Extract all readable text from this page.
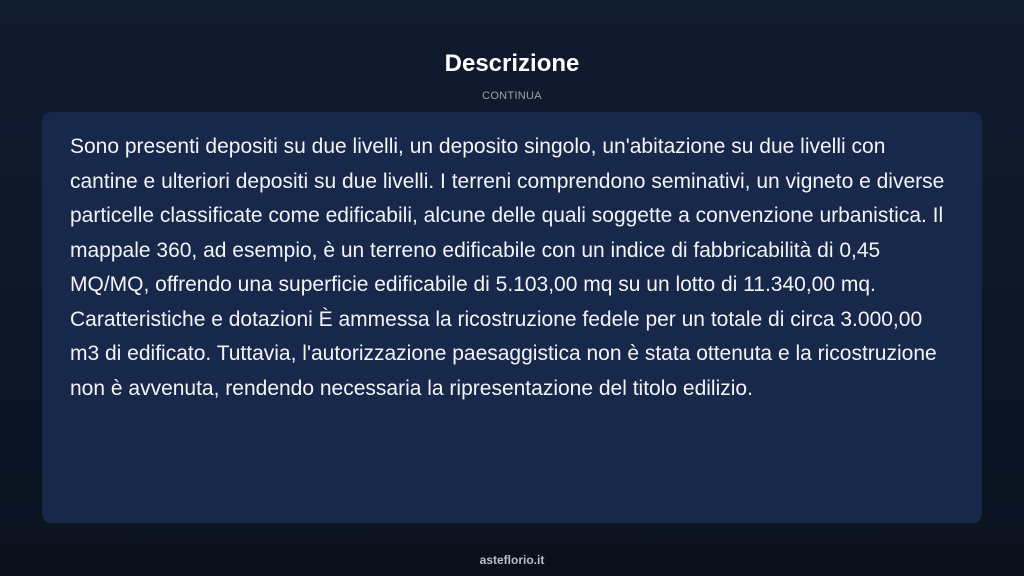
Descrizione
CONTINUA

Sono presenti depositi su due livelli, un deposito singolo, un'abitazione su due livelli con cantine e ulteriori depositi su due livelli. I terreni comprendono seminativi, un vigneto e diverse particelle classificate come edificabili, alcune delle quali soggette a convenzione urbanistica. Il mappale 360, ad esempio, è un terreno edificabile con un indice di fabbricabilità di 0,45 MQ/MQ, offrendo una superficie edificabile di 5.103,00 mq su un lotto di 11.340,00 mq. Caratteristiche e dotazioni È ammessa la ricostruzione fedele per un totale di circa 3.000,00 m3 di edificato. Tuttavia, l'autorizzazione paesaggistica non è stata ottenuta e la ricostruzione non è avvenuta, rendendo necessaria la ripresentazione del titolo edilizio.

asteflorio.it
